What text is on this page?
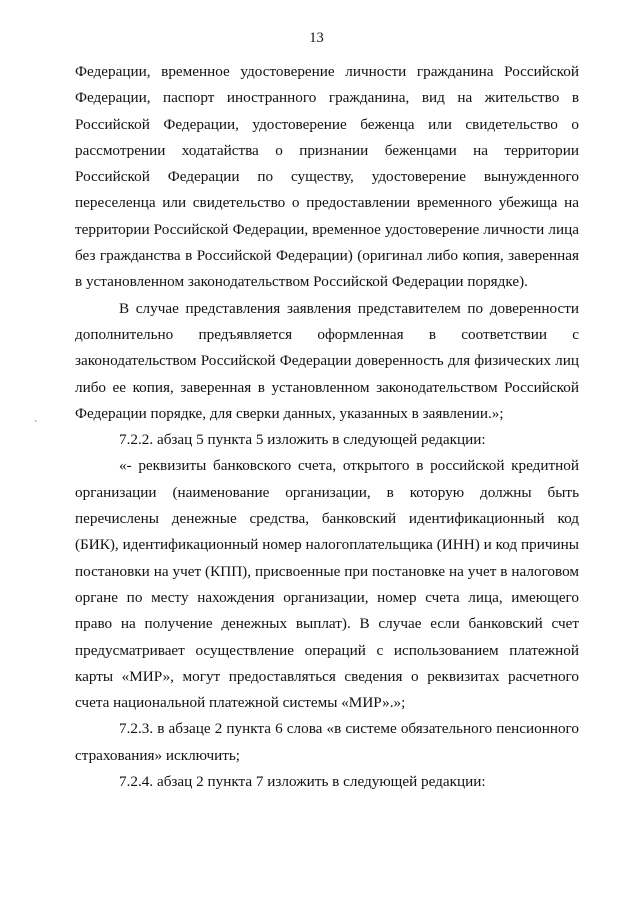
13
ˋ
Федерации, временное удостоверение личности гражданина Российской
Федерации, паспорт иностранного гражданина, вид на жительство в
Российской Федерации, удостоверение беженца или свидетельство о
рассмотрении ходатайства о признании беженцами на территории
Российской Федерации по существу, удостоверение вынужденного
переселенца или свидетельство о предоставлении временного убежища на
территории Российской Федерации, временное удостоверение личности лица
без гражданства в Российской Федерации) (оригинал либо копия, заверенная
в установленном законодательством Российской Федерации порядке).
В случае представления заявления представителем по доверенности
дополнительно предъявляется оформленная в соответствии с
законодательством Российской Федерации доверенность для физических лиц
либо ее копия, заверенная в установленном законодательством Российской
Федерации порядке, для сверки данных, указанных в заявлении.»;
7.2.2. абзац 5 пункта 5 изложить в следующей редакции:
«- реквизиты банковского счета, открытого в российской кредитной
организации (наименование организации, в которую должны быть
перечислены денежные средства, банковский идентификационный код
(БИК), идентификационный номер налогоплательщика (ИНН) и код причины
постановки на учет (КПП), присвоенные при постановке на учет в налоговом
органе по месту нахождения организации, номер счета лица, имеющего
право на получение денежных выплат). В случае если банковский счет
предусматривает осуществление операций с использованием платежной
карты «МИР», могут предоставляться сведения о реквизитах расчетного
счета национальной платежной системы «МИР».»;
7.2.3. в абзаце 2 пункта 6 слова «в системе обязательного пенсионного
страхования» исключить;
7.2.4. абзац 2 пункта 7 изложить в следующей редакции:
